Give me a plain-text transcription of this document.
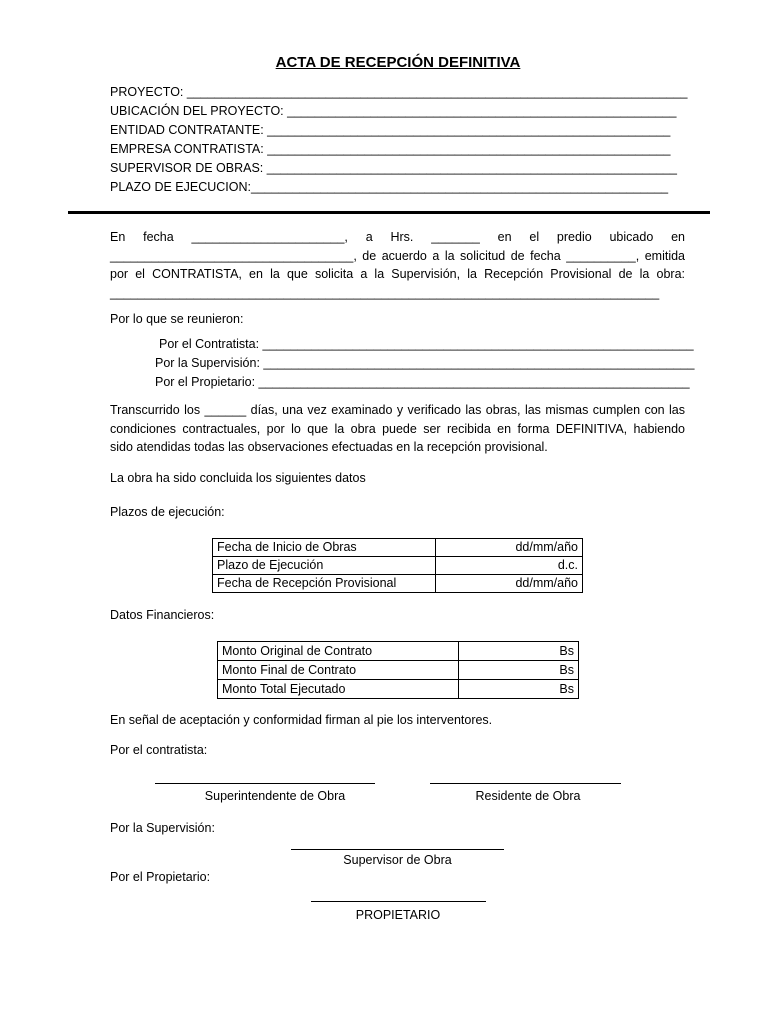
ACTA DE RECEPCIÓN DEFINITIVA
PROYECTO: ________________________________________________________________________
UBICACIÓN DEL PROYECTO: ________________________________________________________
ENTIDAD CONTRATANTE: __________________________________________________________
EMPRESA CONTRATISTA: __________________________________________________________
SUPERVISOR DE OBRAS: ___________________________________________________________
PLAZO DE EJECUCION:____________________________________________________________
En fecha ______________________, a Hrs. _______ en el predio ubicado en
___________________________________, de acuerdo a la solicitud de fecha __________, emitida
por el CONTRATISTA, en la que solicita a la Supervisión, la Recepción Provisional de la obra:
_______________________________________________________________________________
Por lo que se reunieron:
Por el Contratista: ______________________________________________________________
Por la Supervisión: ______________________________________________________________
Por el Propietario: ______________________________________________________________
Transcurrido los ______ días, una vez examinado y verificado las obras, las mismas cumplen con las
condiciones contractuales, por lo que la obra puede ser recibida en forma DEFINITIVA, habiendo
sido atendidas todas las observaciones efectuadas en la recepción provisional.
La obra ha sido concluida los siguientes datos
Plazos de ejecución:
Fecha de Inicio de Obras	dd/mm/año
Plazo de Ejecución	d.c.
Fecha de Recepción Provisional	dd/mm/año
Datos Financieros:
Monto Original de Contrato	Bs
Monto Final de Contrato	Bs
Monto Total Ejecutado	Bs
En señal de aceptación y conformidad firman al pie los interventores.
Por el contratista:
Superintendente de Obra	Residente de Obra
Por la Supervisión:
Supervisor de Obra
Por el Propietario:
PROPIETARIO
